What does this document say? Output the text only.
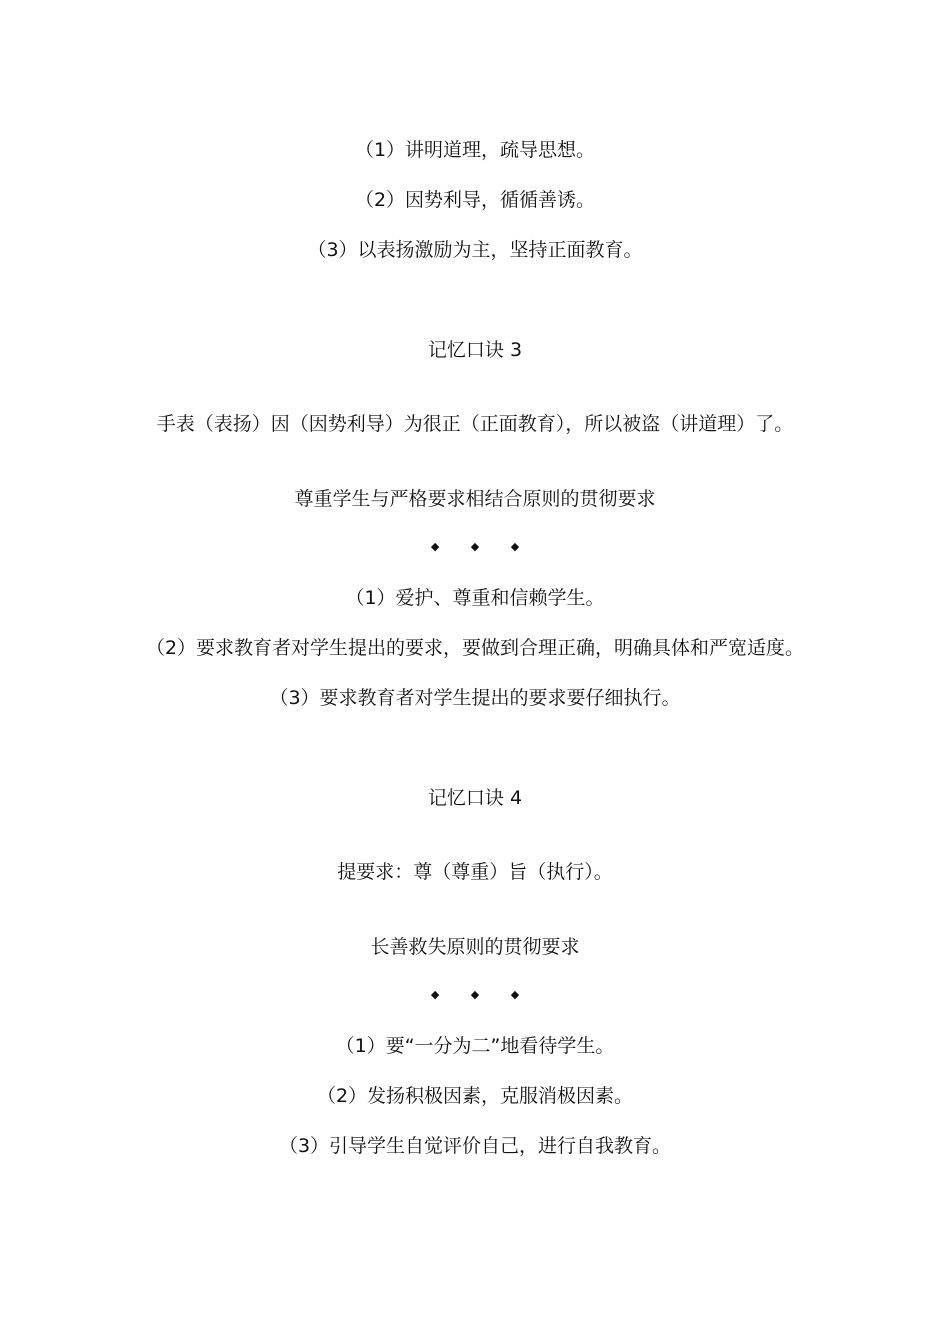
（1）讲明道理，疏导思想。
（2）因势利导，循循善诱。
（3）以表扬激励为主，坚持正面教育。
记忆口诀 3
手表（表扬）因（因势利导）为很正（正面教育），所以被盗（讲道理）了。
尊重学生与严格要求相结合原则的贯彻要求
◆ ◆ ◆
（1）爱护、尊重和信赖学生。
（2）要求教育者对学生提出的要求，要做到合理正确，明确具体和严宽适度。
（3）要求教育者对学生提出的要求要仔细执行。
记忆口诀 4
提要求：尊（尊重）旨（执行）。
长善救失原则的贯彻要求
◆ ◆ ◆
（1）要“一分为二”地看待学生。
（2）发扬积极因素，克服消极因素。
（3）引导学生自觉评价自己，进行自我教育。
